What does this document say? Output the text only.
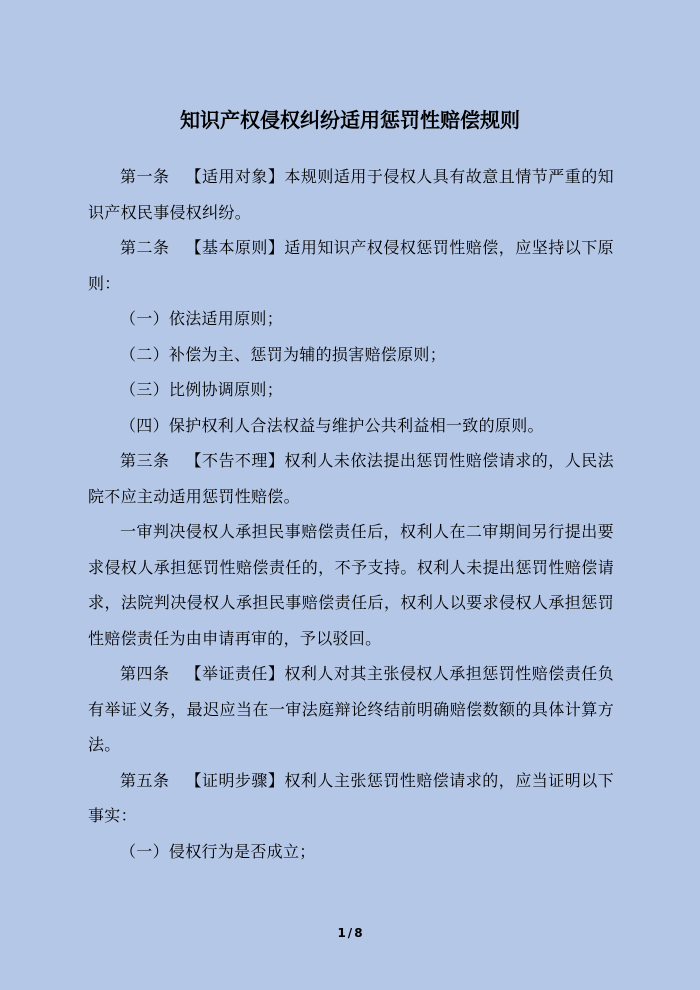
知识产权侵权纠纷适用惩罚性赔偿规则

第一条 【适用对象】本规则适用于侵权人具有故意且情节严重的知识产权民事侵权纠纷。

第二条 【基本原则】适用知识产权侵权惩罚性赔偿，应坚持以下原则：

（一）依法适用原则；

（二）补偿为主、惩罚为辅的损害赔偿原则；

（三）比例协调原则；

（四）保护权利人合法权益与维护公共利益相一致的原则。

第三条 【不告不理】权利人未依法提出惩罚性赔偿请求的，人民法院不应主动适用惩罚性赔偿。

一审判决侵权人承担民事赔偿责任后，权利人在二审期间另行提出要求侵权人承担惩罚性赔偿责任的，不予支持。权利人未提出惩罚性赔偿请求，法院判决侵权人承担民事赔偿责任后，权利人以要求侵权人承担惩罚性赔偿责任为由申请再审的，予以驳回。

第四条 【举证责任】权利人对其主张侵权人承担惩罚性赔偿责任负有举证义务，最迟应当在一审法庭辩论终结前明确赔偿数额的具体计算方法。

第五条 【证明步骤】权利人主张惩罚性赔偿请求的，应当证明以下事实：

（一）侵权行为是否成立；

1 / 8
